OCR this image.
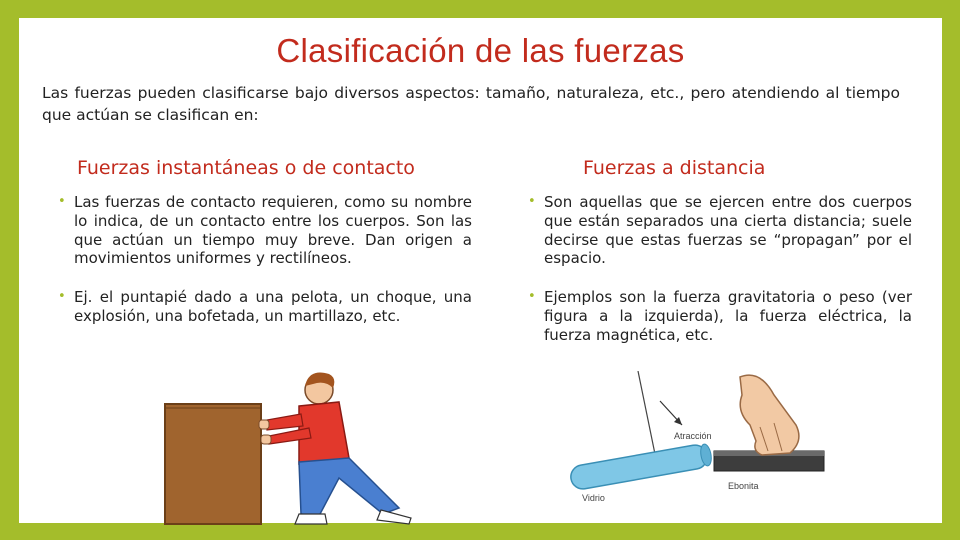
Clasificación de las fuerzas
Las fuerzas pueden clasificarse bajo diversos aspectos: tamaño, naturaleza, etc., pero atendiendo al tiempo que actúan se clasifican en:
Fuerzas instantáneas o de contacto
• Las fuerzas de contacto requieren, como su nombre lo indica, de un contacto entre los cuerpos. Son las que actúan un tiempo muy breve. Dan origen a movimientos uniformes y rectilíneos.
• Ej. el puntapié dado a una pelota, un choque, una explosión, una bofetada, un martillazo, etc.
Fuerzas a distancia
• Son aquellas que se ejercen entre dos cuerpos que están separados una cierta distancia; suele decirse que estas fuerzas se “propagan” por el espacio.
• Ejemplos son la fuerza gravitatoria o peso (ver figura a la izquierda), la fuerza eléctrica, la fuerza magnética, etc.
Atracción
Vidrio
Ebonita
